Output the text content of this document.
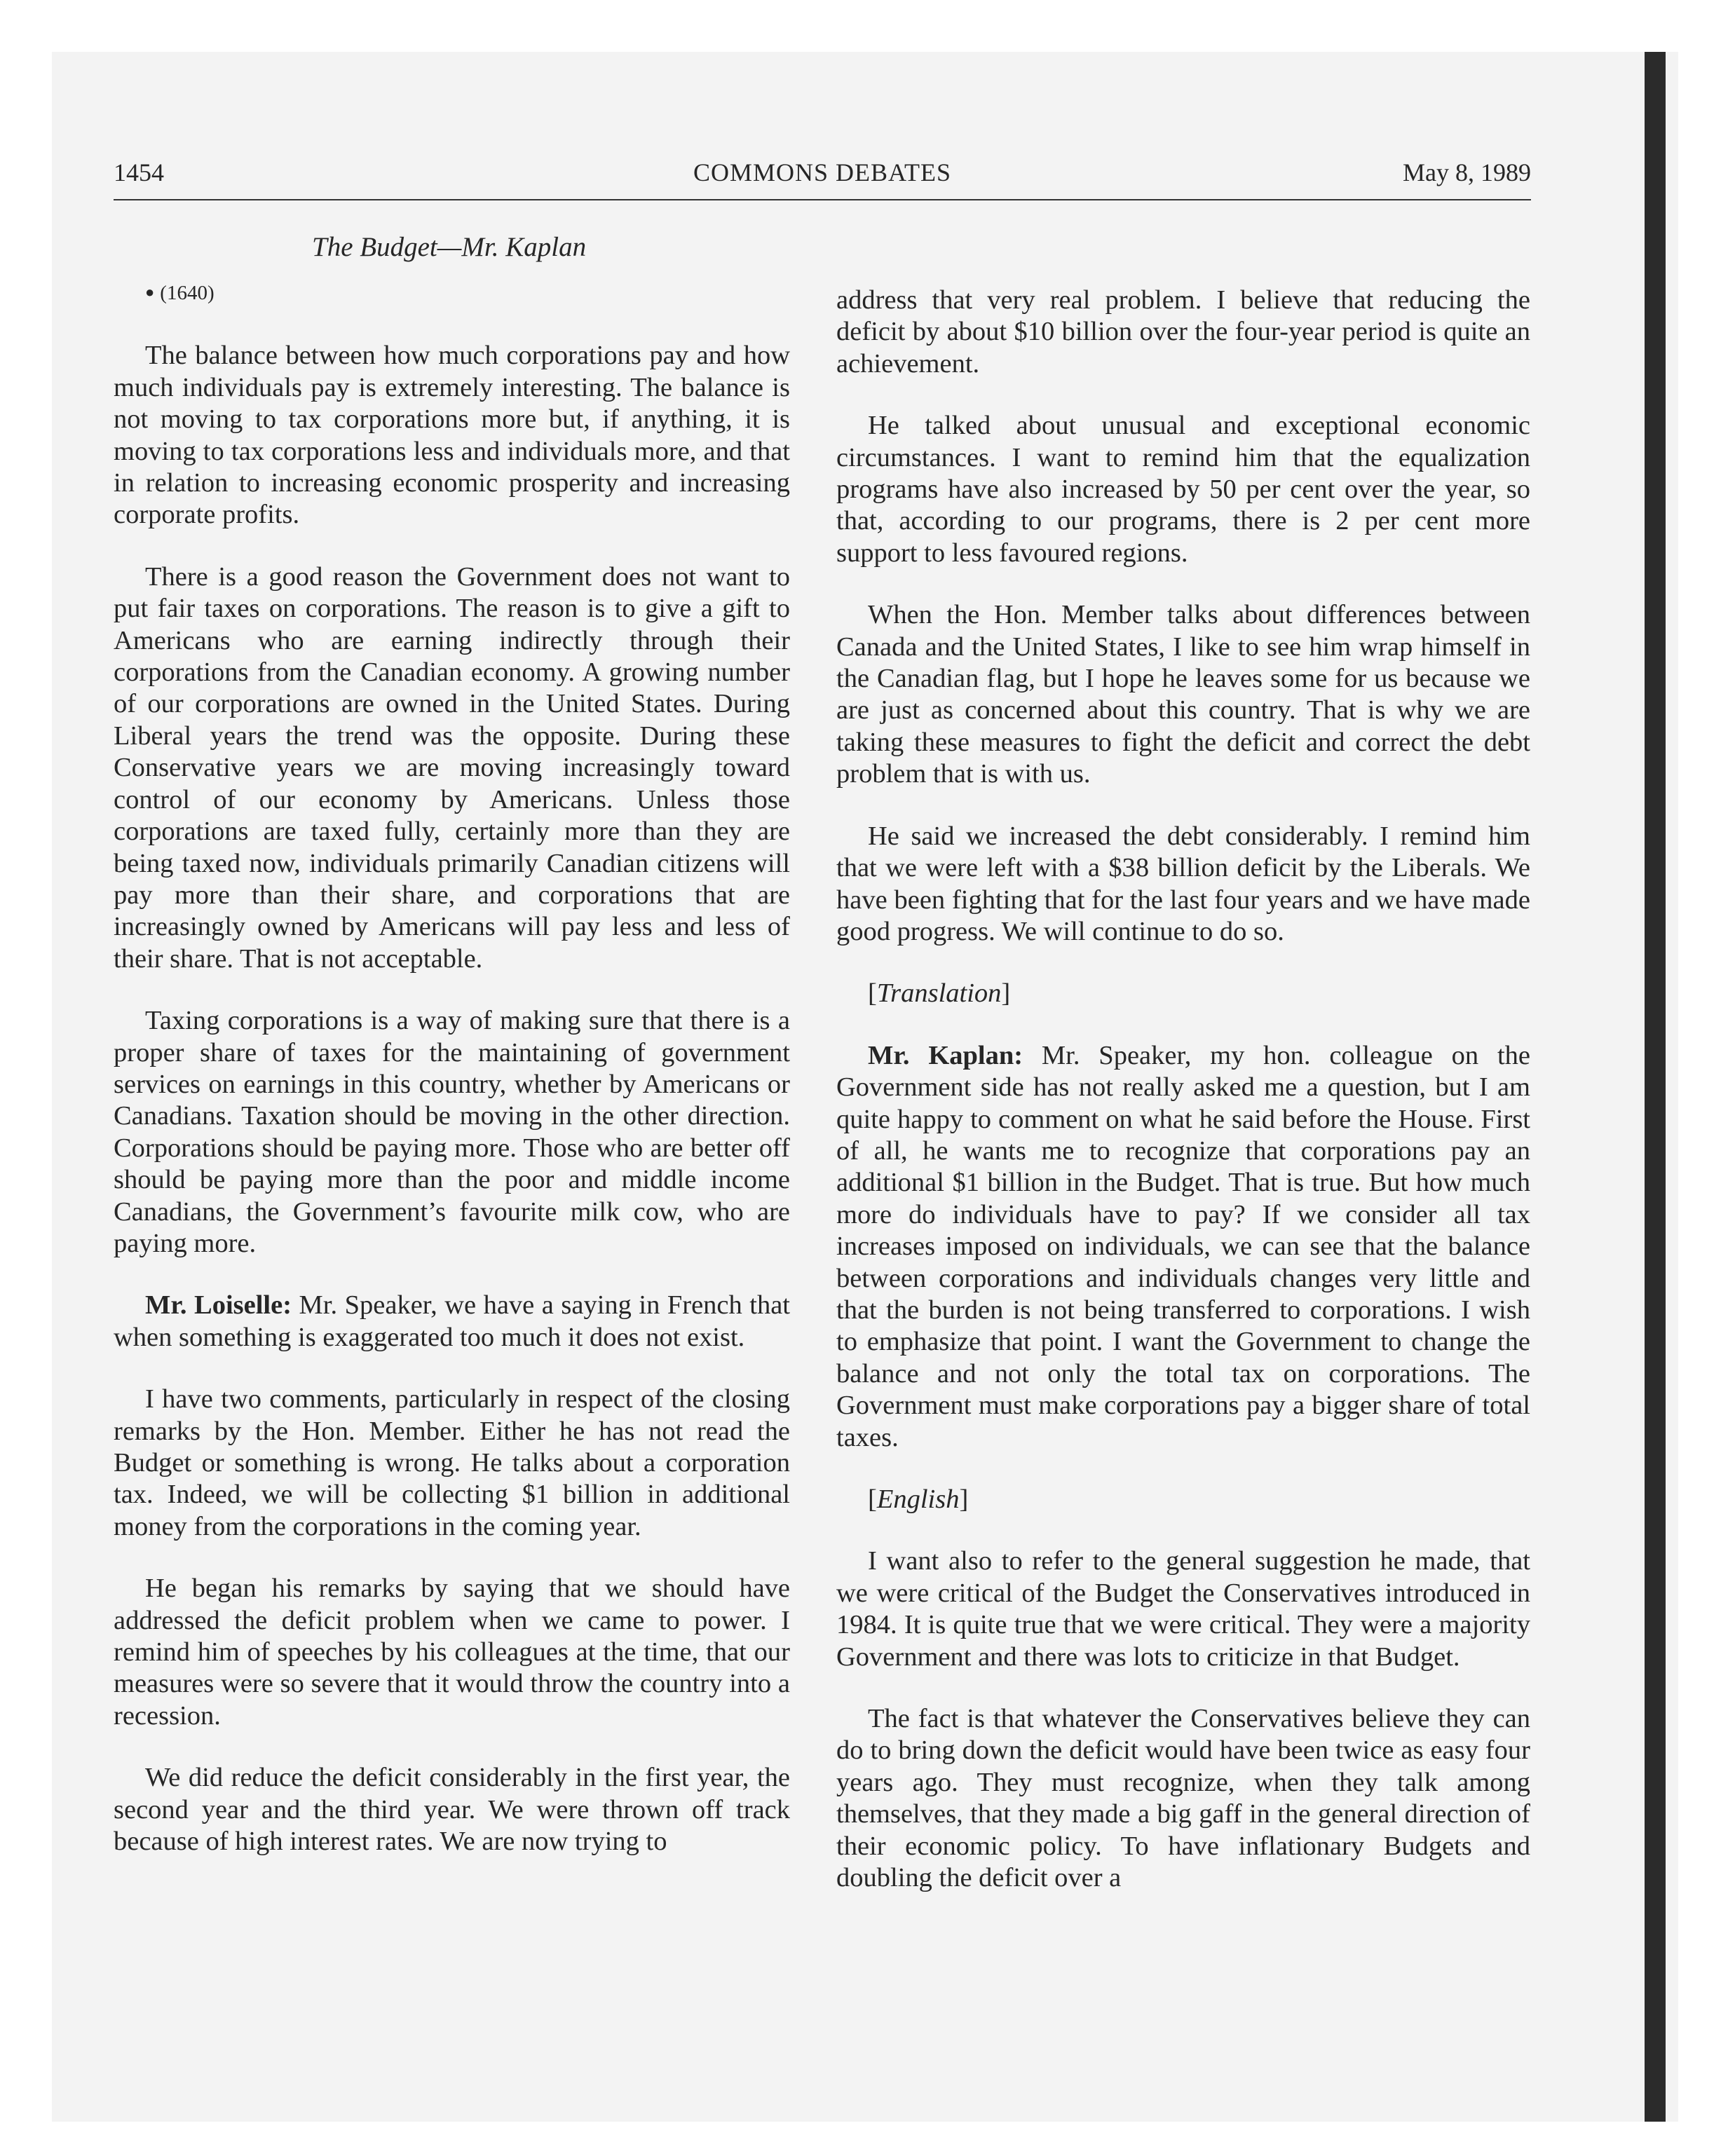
COMMONS DEBATES
1454	May 8, 1989
The Budget—Mr. Kaplan

● (1640)

The balance between how much corporations pay and how much individuals pay is extremely interesting. The balance is not moving to tax corporations more but, if anything, it is moving to tax corporations less and individuals more, and that in relation to increasing economic prosperity and increasing corporate profits.

There is a good reason the Government does not want to put fair taxes on corporations. The reason is to give a gift to Americans who are earning indirectly through their corporations from the Canadian economy. A growing number of our corporations are owned in the United States. During Liberal years the trend was the opposite. During these Conservative years we are moving increasingly toward control of our economy by Americans. Unless those corporations are taxed fully, certainly more than they are being taxed now, individuals primarily Canadian citizens will pay more than their share, and corporations that are increasingly owned by Americans will pay less and less of their share. That is not acceptable.

Taxing corporations is a way of making sure that there is a proper share of taxes for the maintaining of government services on earnings in this country, whether by Americans or Canadians. Taxation should be moving in the other direction. Corporations should be paying more. Those who are better off should be paying more than the poor and middle income Canadians, the Government’s favourite milk cow, who are paying more.

Mr. Loiselle: Mr. Speaker, we have a saying in French that when something is exaggerated too much it does not exist.

I have two comments, particularly in respect of the closing remarks by the Hon. Member. Either he has not read the Budget or something is wrong. He talks about a corporation tax. Indeed, we will be collecting $1 billion in additional money from the corporations in the coming year.

He began his remarks by saying that we should have addressed the deficit problem when we came to power. I remind him of speeches by his colleagues at the time, that our measures were so severe that it would throw the country into a recession.

We did reduce the deficit considerably in the first year, the second year and the third year. We were thrown off track because of high interest rates. We are now trying to

address that very real problem. I believe that reducing the deficit by about $10 billion over the four-year period is quite an achievement.

He talked about unusual and exceptional economic circumstances. I want to remind him that the equalization programs have also increased by 50 per cent over the year, so that, according to our programs, there is 2 per cent more support to less favoured regions.

When the Hon. Member talks about differences between Canada and the United States, I like to see him wrap himself in the Canadian flag, but I hope he leaves some for us because we are just as concerned about this country. That is why we are taking these measures to fight the deficit and correct the debt problem that is with us.

He said we increased the debt considerably. I remind him that we were left with a $38 billion deficit by the Liberals. We have been fighting that for the last four years and we have made good progress. We will continue to do so.

[Translation]

Mr. Kaplan: Mr. Speaker, my hon. colleague on the Government side has not really asked me a question, but I am quite happy to comment on what he said before the House. First of all, he wants me to recognize that corporations pay an additional $1 billion in the Budget. That is true. But how much more do individuals have to pay? If we consider all tax increases imposed on individuals, we can see that the balance between corporations and individuals changes very little and that the burden is not being transferred to corporations. I wish to emphasize that point. I want the Government to change the balance and not only the total tax on corporations. The Government must make corporations pay a bigger share of total taxes.

[English]

I want also to refer to the general suggestion he made, that we were critical of the Budget the Conservatives introduced in 1984. It is quite true that we were critical. They were a majority Government and there was lots to criticize in that Budget.

The fact is that whatever the Conservatives believe they can do to bring down the deficit would have been twice as easy four years ago. They must recognize, when they talk among themselves, that they made a big gaff in the general direction of their economic policy. To have inflationary Budgets and doubling the deficit over a
